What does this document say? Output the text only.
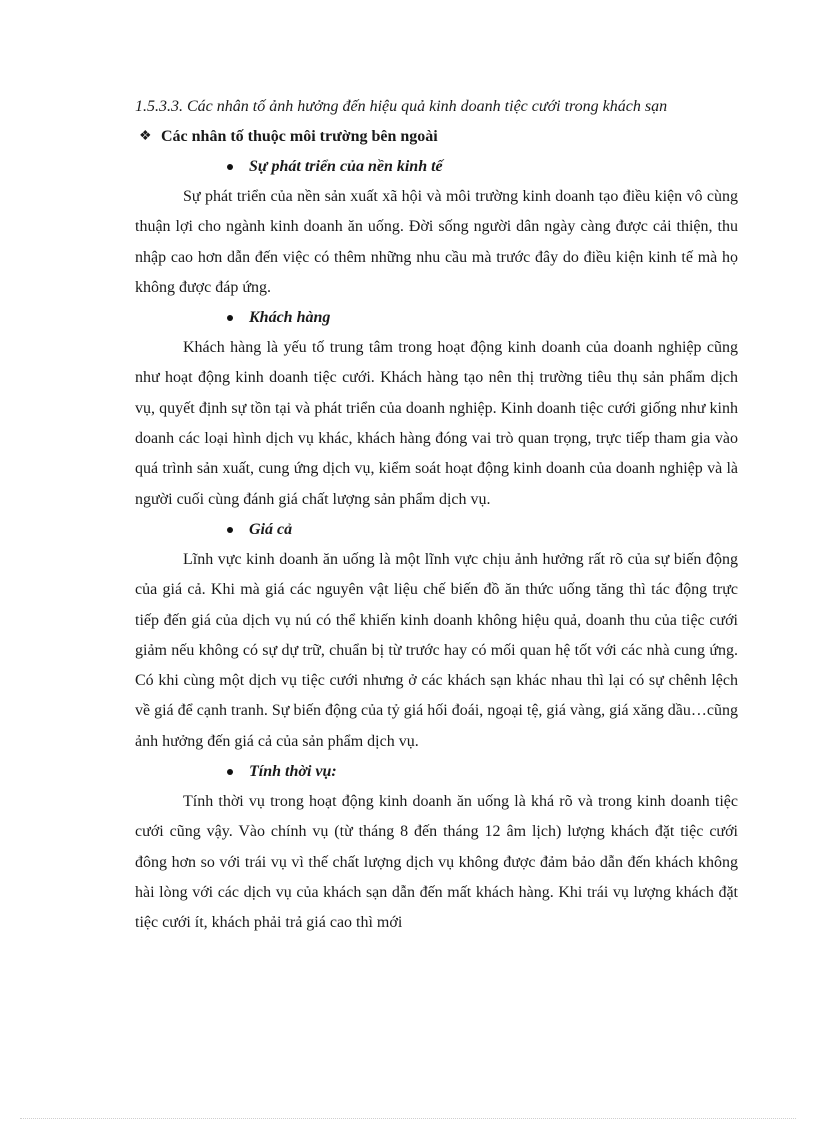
1.5.3.3. Các nhân tố ảnh hưởng đến hiệu quả kinh doanh tiệc cưới trong khách sạn

❖ Các nhân tố thuộc môi trường bên ngoài

Sự phát triển của nền kinh tế

Sự phát triển của nền sản xuất xã hội và môi trường kinh doanh tạo điều kiện vô cùng thuận lợi cho ngành kinh doanh ăn uống. Đời sống người dân ngày càng được cải thiện, thu nhập cao hơn dẫn đến việc có thêm những nhu cầu mà trước đây do điều kiện kinh tế mà họ không được đáp ứng.

Khách hàng

Khách hàng là yếu tố trung tâm trong hoạt động kinh doanh của doanh nghiệp cũng như hoạt động kinh doanh tiệc cưới. Khách hàng tạo nên thị trường tiêu thụ sản phẩm dịch vụ, quyết định sự tồn tại và phát triển của doanh nghiệp. Kinh doanh tiệc cưới giống như kinh doanh các loại hình dịch vụ khác, khách hàng đóng vai trò quan trọng, trực tiếp tham gia vào quá trình sản xuất, cung ứng dịch vụ, kiểm soát hoạt động kinh doanh của doanh nghiệp và là người cuối cùng đánh giá chất lượng sản phẩm dịch vụ.

Giá cả

Lĩnh vực kinh doanh ăn uống là một lĩnh vực chịu ảnh hưởng rất rõ của sự biến động của giá cả. Khi mà giá các nguyên vật liệu chế biến đồ ăn thức uống tăng thì tác động trực tiếp đến giá của dịch vụ nú có thể khiến kinh doanh không hiệu quả, doanh thu của tiệc cưới giảm nếu không có sự dự trữ, chuẩn bị từ trước hay có mối quan hệ tốt với các nhà cung ứng. Có khi cùng một dịch vụ tiệc cưới nhưng ở các khách sạn khác nhau thì lại có sự chênh lệch về giá để cạnh tranh. Sự biến động của tỷ giá hối đoái, ngoại tệ, giá vàng, giá xăng dầu…cũng ảnh hưởng đến giá cả của sản phẩm dịch vụ.

Tính thời vụ:

Tính thời vụ trong hoạt động kinh doanh ăn uống là khá rõ và trong kinh doanh tiệc cưới cũng vậy. Vào chính vụ (từ tháng 8 đến tháng 12 âm lịch) lượng khách đặt tiệc cưới đông hơn so với trái vụ vì thế chất lượng dịch vụ không được đảm bảo dẫn đến khách không hài lòng với các dịch vụ của khách sạn dẫn đến mất khách hàng. Khi trái vụ lượng khách đặt tiệc cưới ít, khách phải trả giá cao thì mới
